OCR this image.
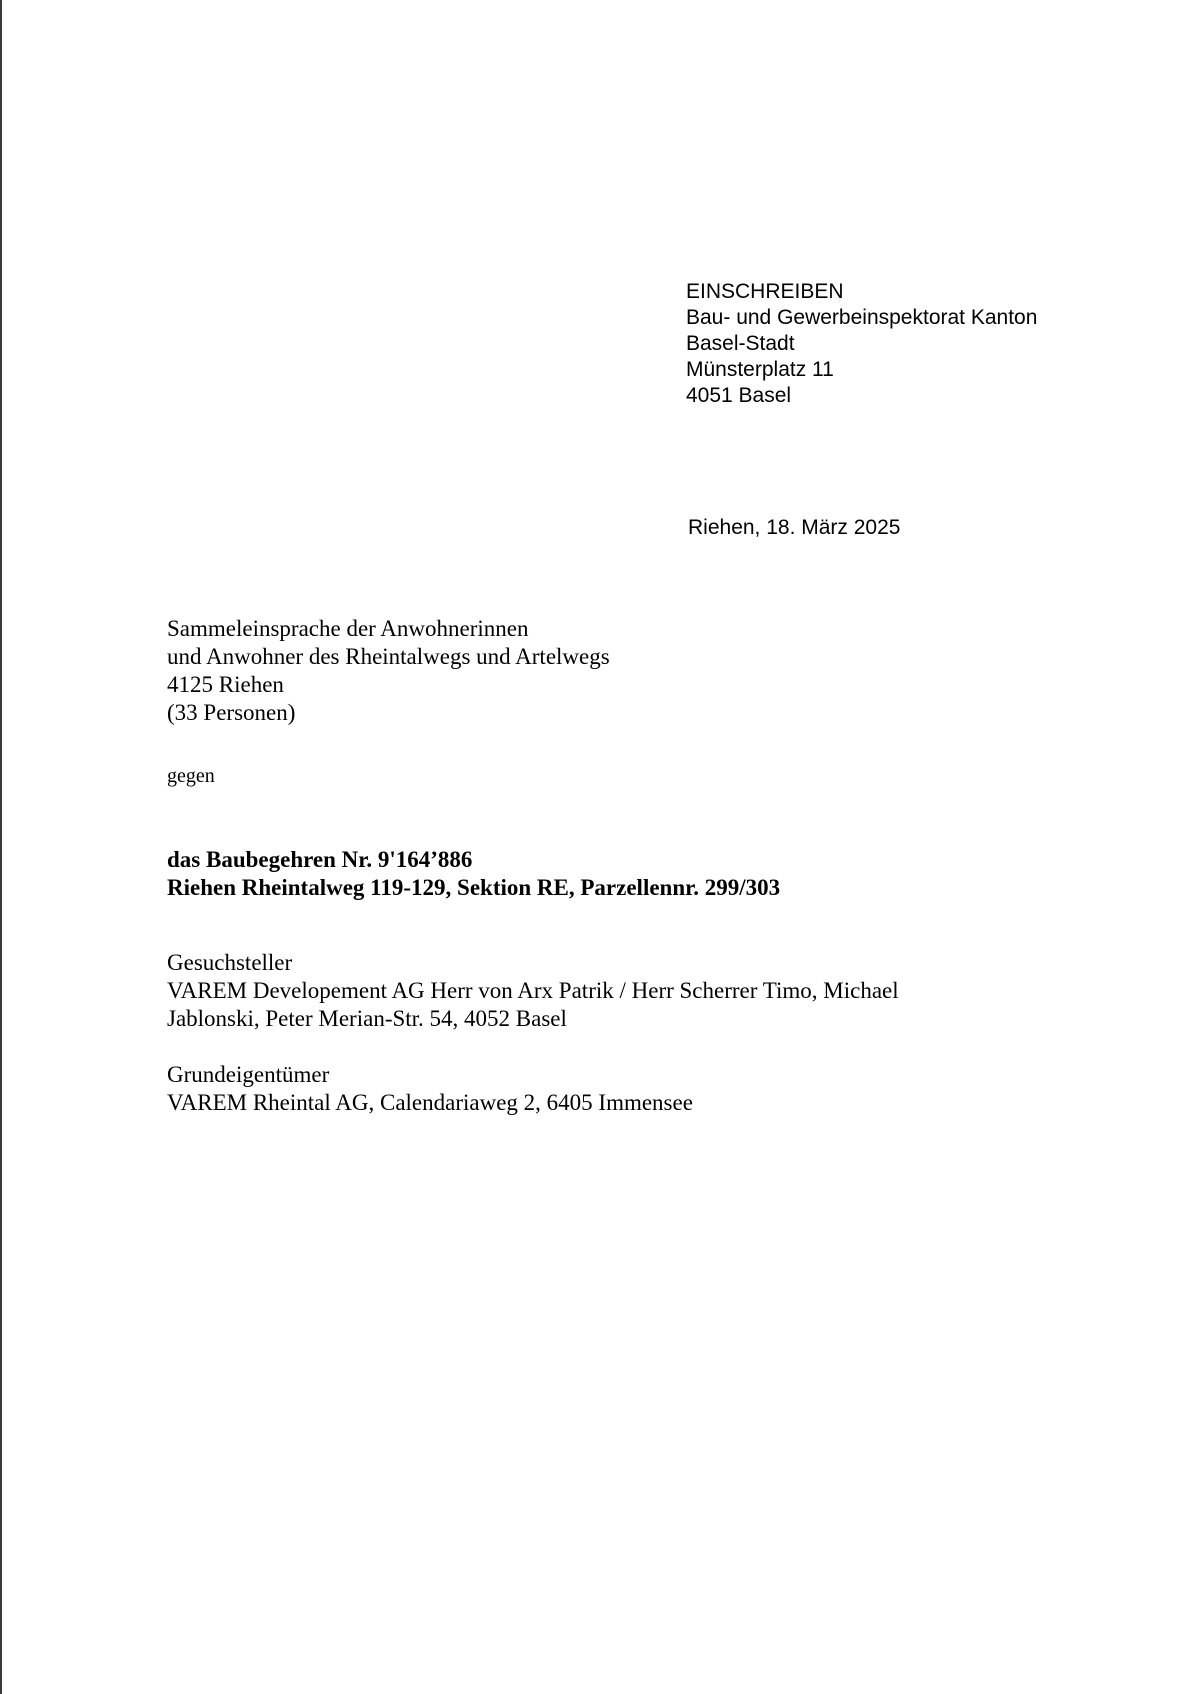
EINSCHREIBEN
Bau- und Gewerbeinspektorat Kanton
Basel-Stadt
Münsterplatz 11
4051 Basel
Riehen, 18. März 2025
Sammeleinsprache der Anwohnerinnen
und Anwohner des Rheintalwegs und Artelwegs
4125 Riehen
(33 Personen)
gegen
das Baubegehren Nr. 9'164’886
Riehen Rheintalweg 119-129, Sektion RE, Parzellennr. 299/303
Gesuchsteller
VAREM Developement AG Herr von Arx Patrik / Herr Scherrer Timo, Michael
Jablonski, Peter Merian-Str. 54, 4052 Basel
Grundeigentümer
VAREM Rheintal AG, Calendariaweg 2, 6405 Immensee
